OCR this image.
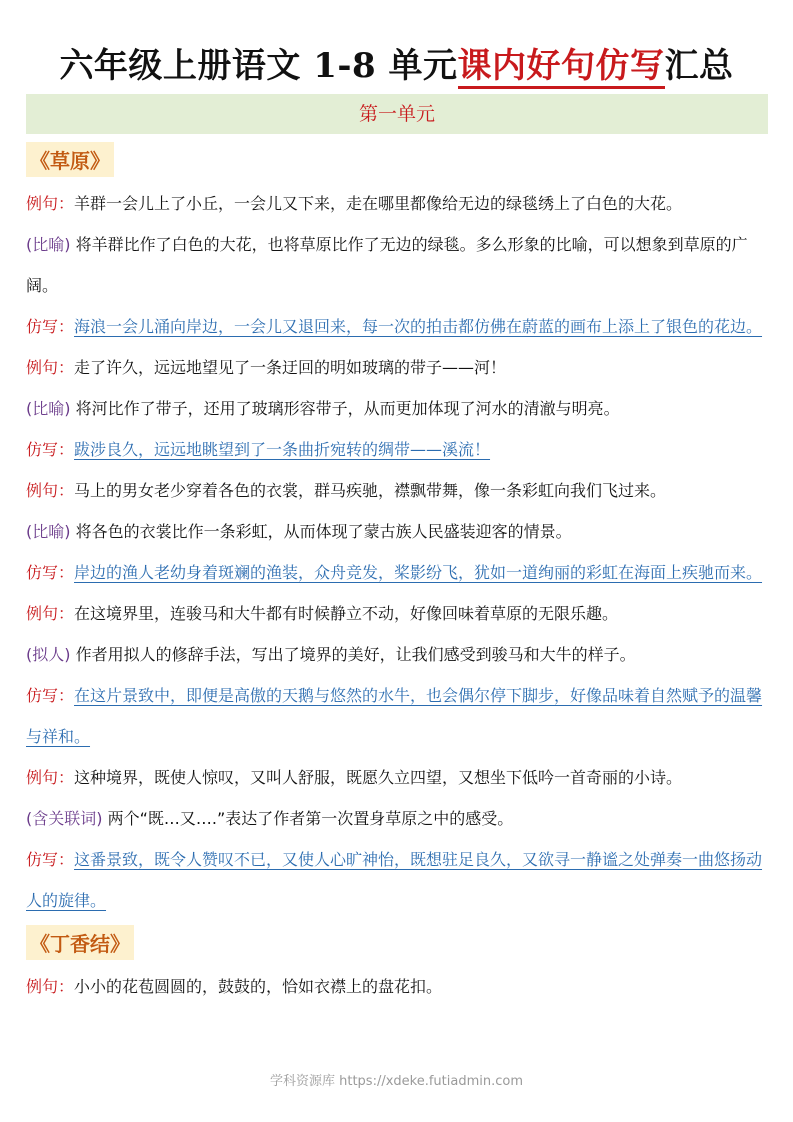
六年级上册语文 1-8 单元课内好句仿写汇总
第一单元
《草原》
例句：羊群一会儿上了小丘，一会儿又下来，走在哪里都像给无边的绿毯绣上了白色的大花。
(比喻) 将羊群比作了白色的大花，也将草原比作了无边的绿毯。多么形象的比喻，可以想象到草原的广阔。
仿写：海浪一会儿涌向岸边，一会儿又退回来，每一次的拍击都仿佛在蔚蓝的画布上添上了银色的花边。
例句：走了许久，远远地望见了一条迂回的明如玻璃的带子——河！
(比喻) 将河比作了带子，还用了玻璃形容带子，从而更加体现了河水的清澈与明亮。
仿写：跋涉良久，远远地眺望到了一条曲折宛转的绸带——溪流！
例句：马上的男女老少穿着各色的衣裳，群马疾驰，襟飘带舞，像一条彩虹向我们飞过来。
(比喻) 将各色的衣裳比作一条彩虹，从而体现了蒙古族人民盛装迎客的情景。
仿写：岸边的渔人老幼身着斑斓的渔装，众舟竞发，桨影纷飞，犹如一道绚丽的彩虹在海面上疾驰而来。
例句：在这境界里，连骏马和大牛都有时候静立不动，好像回味着草原的无限乐趣。
(拟人) 作者用拟人的修辞手法，写出了境界的美好，让我们感受到骏马和大牛的样子。
仿写：在这片景致中，即便是高傲的天鹅与悠然的水牛，也会偶尔停下脚步，好像品味着自然赋予的温馨与祥和。
例句：这种境界，既使人惊叹，又叫人舒服，既愿久立四望，又想坐下低吟一首奇丽的小诗。
(含关联词) 两个“既…又….”表达了作者第一次置身草原之中的感受。
仿写：这番景致，既令人赞叹不已，又使人心旷神怡，既想驻足良久，又欲寻一静谧之处弹奏一曲悠扬动人的旋律。
《丁香结》
例句：小小的花苞圆圆的，鼓鼓的，恰如衣襟上的盘花扣。
学科资源库 https://xdeke.futiadmin.com
